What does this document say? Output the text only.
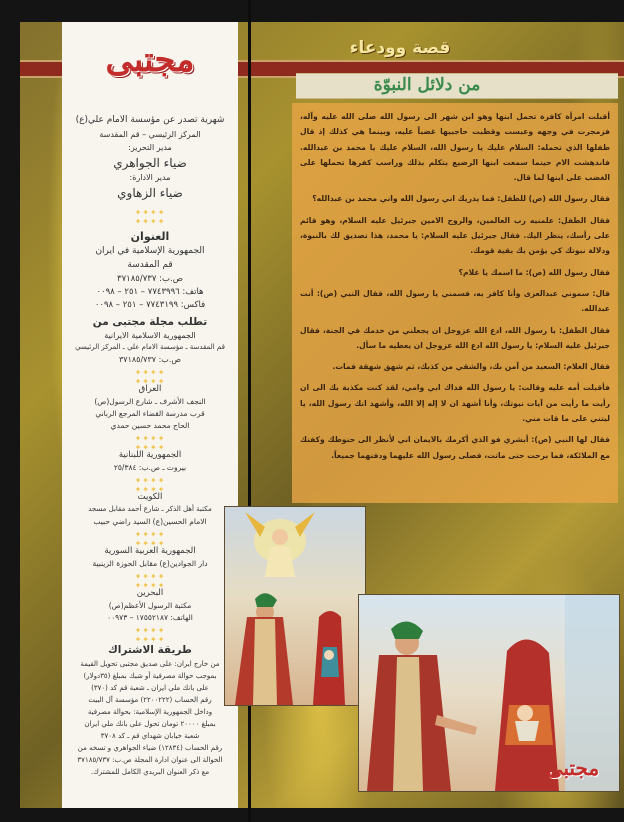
مجتبى
شهرية تصدر عن مؤسسة الامام علي(ع)
المركز الرئيسي – قم المقدسة
مدير التحرير:
ضياء الجواهري
مدير الادارة:
ضياء الزهاوي
✦✦✦✦
✦✦✦✦
العنوان
الجمهورية الإسلامية في ايران
قم المقدسة
ص.ب: ٣٧١٨٥/٧٣٧
هاتف: ٧٧٤٣٩٩٦ – ٢٥١ – ٠٠٩٨
فاكس: ٧٧٤٣١٩٩ – ٢٥١ – ٠٠٩٨
تطلب مجلة مجتبى من
الجمهورية الاسلامية الايرانية
قم المقدسة ـ مؤسسة الامام علي ـ المركز الرئيسي
ص.ب: ٣٧١٨٥/٧٣٧
✦✦✦✦
✦✦✦✦
العراق
النجف الأشرف ـ شارع الرسول(ص)
قرب مدرسة القضاء المرجع الرباني
الحاج محمد حسين حمدي
✦✦✦✦
✦✦✦✦
الجمهورية اللبنانية
بيروت ـ ص.ب: ٢٥/٣٨٤
✦✦✦✦
✦✦✦✦
الكويت
مكتبة أهل الذكر ـ شارع أحمد مقابل مسجد
الامام الحسين(ع) السيد راضي حبيب
✦✦✦✦
✦✦✦✦
الجمهورية العربية السورية
دار الجوادين(ع) مقابل الحوزة الزينبية
✦✦✦✦
✦✦✦✦
البحرين
مكتبة الرسول الأعظم(ص)
الهاتف: ١٧٥٥٢١٨٧ – ٠٠٩٧٣
✦✦✦✦
✦✦✦✦
طريقة الاشتراك
من خارج ايران: على صديق مجتبى تحويل القيمة
بموجب حوالة مصرفية أو شيك بمبلغ (٣٥دولار)
على بانك ملي ايران ـ شعبة قم كد (٣٧٠)
رقم الحساب (٢٢٠٠٢٢٢) مؤسسة آل البيت
وداخل الجمهورية الإسلامية: بحوالة مصرفية
بمبلغ ٢٠٠٠٠ تومان تحول على بانك ملي ايران
شعبة خيابان شهداي قم ـ كد ٣٧٠٨
رقم الحساب (١٢٨٣٤) ضياء الجواهري و تسخه من
الحوالة الى عنوان ادارة المجلة ص.ب: ٣٧١٨٥/٧٣٧
مع ذكر العنوان البريدي الكامل للمشترك.
قصة وودعاء
من دلائل النبوّة

أقبلت امرأة كافرة تحمل ابنها وهو ابن شهر الى رسول الله صلى الله عليه وآله، فزمجرت في وجهه وعبست وقطبت حاجبيها غضباً عليه، وبينما هي كذلك إذ قال طفلها الذي تحمله: السلام عليك يا رسول الله، السلام عليك يا محمد بن عبدالله. فاندهشت الام حينما سمعت ابنها الرضيع يتكلم بذلك وراسب كفرها تحملها على الغضب على ابنها لما قال.

فقال رسول الله (ص) للطفل: فما يدريك اني رسول الله واني محمد بن عبدالله؟

فقال الطفل: علمنيه رب العالمين، والروح الامين جبرئيل عليه السلام، وهو قائم على رأسك، ينظر اليك. فقال جبرئيل عليه السلام: يا محمد، هذا تصديق لك بالنبوة، ودلالة نبوتك كي يؤمن بك بقية قومك.

فقال رسول الله (ص): ما اسمك يا غلام؟

قال: سموني عبدالعزى وأنا كافر به، فسمني يا رسول الله، فقال النبي (ص): أنت عبدالله.

فقال الطفل: يا رسول الله، ادع الله عزوجل ان يجعلني من خدمك في الجنة، فقال جبرئيل عليه السلام: يا رسول الله ادع الله عزوجل ان يعطيه ما سأل.

فقال الغلام: السعيد من آمن بك، والشقي من كذبك، ثم شهق شهقة فمات.

فأقبلت أمه عليه وقالت: يا رسول الله فداك ابي وامي، لقد كنت مكذبة بك الى ان رأيت ما رأيت من آيات نبوتك، وأنا أشهد ان لا إله إلا الله، وأشهد انك رسول الله، يا ليتني على ما قات مني.

فقال لها النبي (ص): أبشري فو الذي أكرمك بالايمان اني لأنظر الى حنوطك وكفنك مع الملائكة، فما برحت حتى ماتت، فصلى رسول الله عليهما ودفنهما جميعاً.

مجتبى
